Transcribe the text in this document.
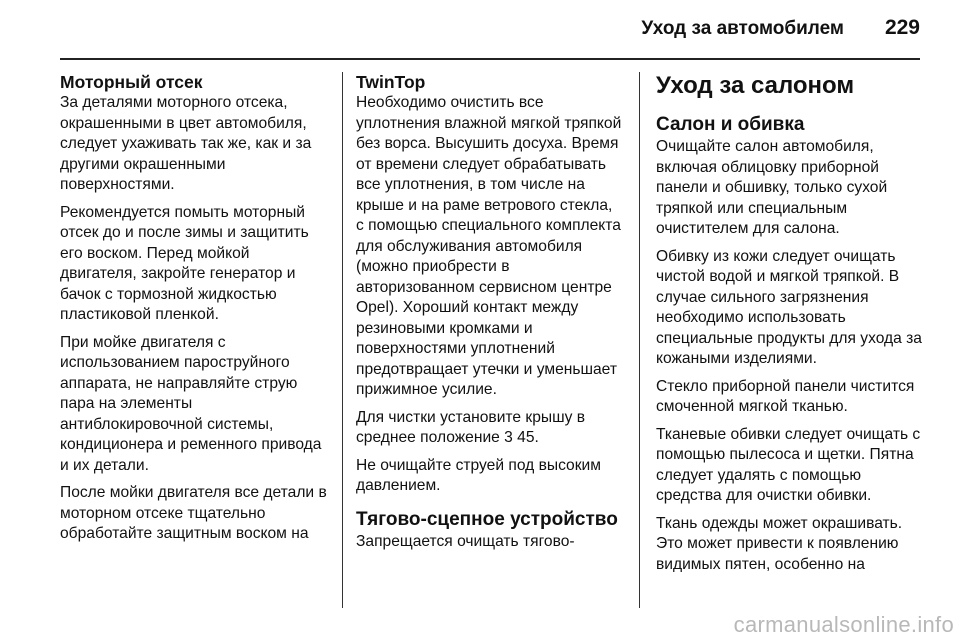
Уход за автомобилем 229
Моторный отсек

За деталями моторного отсека, окрашенными в цвет автомобиля, следует ухаживать так же, как и за другими окрашенными поверхностями.

Рекомендуется помыть моторный отсек до и после зимы и защитить его воском. Перед мойкой двигателя, закройте генератор и бачок с тормозной жидкостью пластиковой пленкой.

При мойке двигателя с использованием пароструйного аппарата, не направляйте струю пара на элементы антиблокировочной системы, кондиционера и ременного привода и их детали.

После мойки двигателя все детали в моторном отсеке тщательно обработайте защитным воском на

TwinTop

Необходимо очистить все уплотнения влажной мягкой тряпкой без ворса. Высушить досуха. Время от времени следует обрабатывать все уплотнения, в том числе на крыше и на раме ветрового стекла, с помощью специального комплекта для обслуживания автомобиля (можно приобрести в авторизованном сервисном центре Opel). Хороший контакт между резиновыми кромками и поверхностями уплотнений предотвращает утечки и уменьшает прижимное усилие.

Для чистки установите крышу в среднее положение 3 45.

Не очищайте струей под высоким давлением.

Тягово-сцепное устройство

Запрещается очищать тягово-

Уход за салоном
Салон и обивка

Очищайте салон автомобиля, включая облицовку приборной панели и обшивку, только сухой тряпкой или специальным очистителем для салона.

Обивку из кожи следует очищать чистой водой и мягкой тряпкой. В случае сильного загрязнения необходимо использовать специальные продукты для ухода за кожаными изделиями.

Стекло приборной панели чистится смоченной мягкой тканью.

Тканевые обивки следует очищать с помощью пылесоса и щетки. Пятна следует удалять с помощью средства для очистки обивки.

Ткань одежды может окрашивать. Это может привести к появлению видимых пятен, особенно на

carmanualsonline.info
